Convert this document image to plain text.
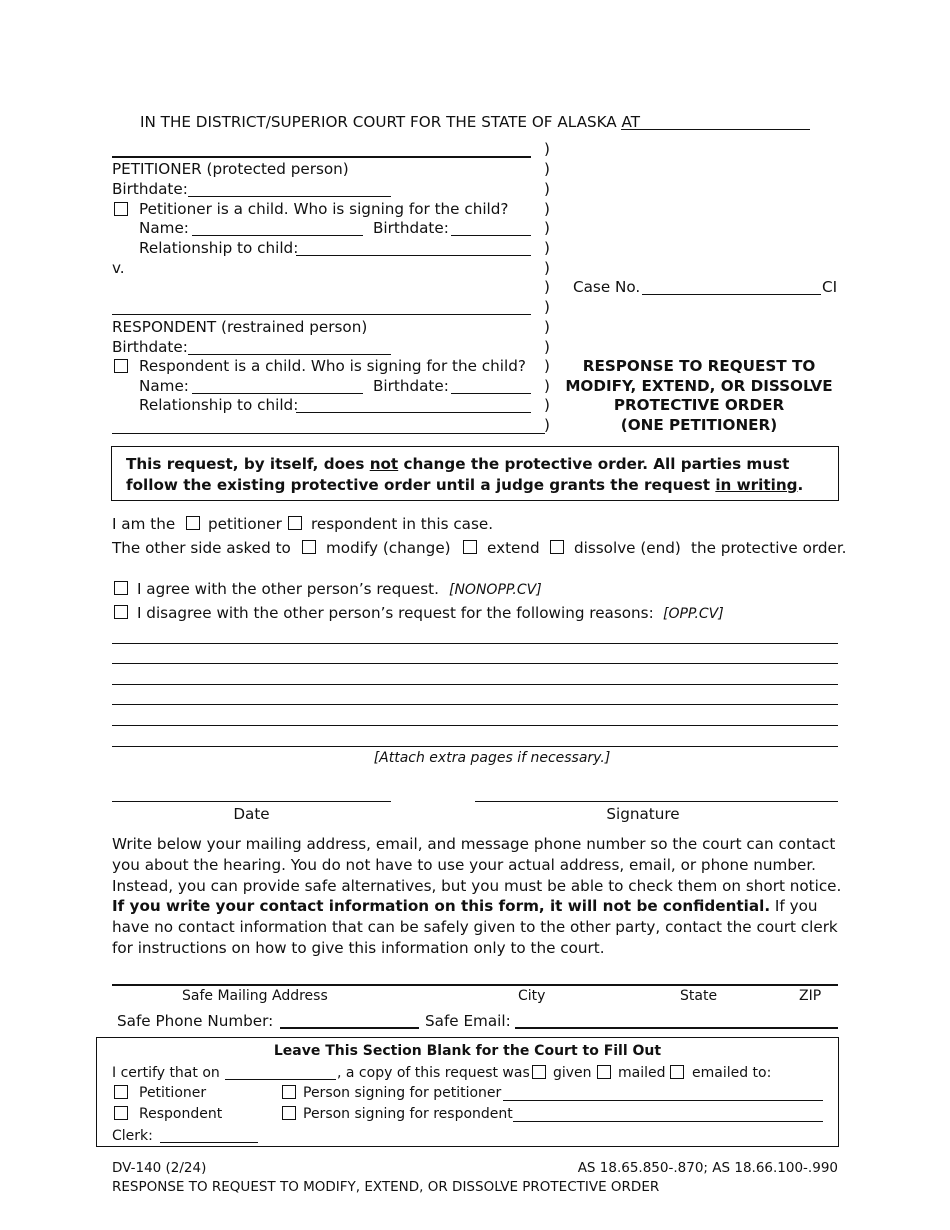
IN THE DISTRICT/SUPERIOR COURT FOR THE STATE OF ALASKA AT
PETITIONER (protected person)
Birthdate:
Petitioner is a child. Who is signing for the child?
Name:	Birthdate:
Relationship to child:
v.
RESPONDENT (restrained person)
Birthdate:
Respondent is a child. Who is signing for the child?
Name:	Birthdate:
Relationship to child:
)
)
)
)
)
)
)
)
)
)
)
)
)
)
)
Case No.	CI
RESPONSE TO REQUEST TO
MODIFY, EXTEND, OR DISSOLVE
PROTECTIVE ORDER
(ONE PETITIONER)
This request, by itself, does not change the protective order. All parties must
follow the existing protective order until a judge grants the request in writing.
I am the petitioner respondent in this case.
The other side asked to modify (change) extend dissolve (end) the protective order.
I agree with the other person’s request. [NONOPP.CV]
I disagree with the other person’s request for the following reasons: [OPP.CV]
[Attach extra pages if necessary.]
Date	Signature
Write below your mailing address, email, and message phone number so the court can contact
you about the hearing. You do not have to use your actual address, email, or phone number.
Instead, you can provide safe alternatives, but you must be able to check them on short notice.
If you write your contact information on this form, it will not be confidential. If you
have no contact information that can be safely given to the other party, contact the court clerk
for instructions on how to give this information only to the court.
Safe Mailing Address	City	State	ZIP
Safe Phone Number:	Safe Email:
Leave This Section Blank for the Court to Fill Out
I certify that on	, a copy of this request was given mailed emailed to:
Petitioner	Person signing for petitioner
Respondent	Person signing for respondent
Clerk:
DV-140 (2/24)	AS 18.65.850-.870; AS 18.66.100-.990
RESPONSE TO REQUEST TO MODIFY, EXTEND, OR DISSOLVE PROTECTIVE ORDER
